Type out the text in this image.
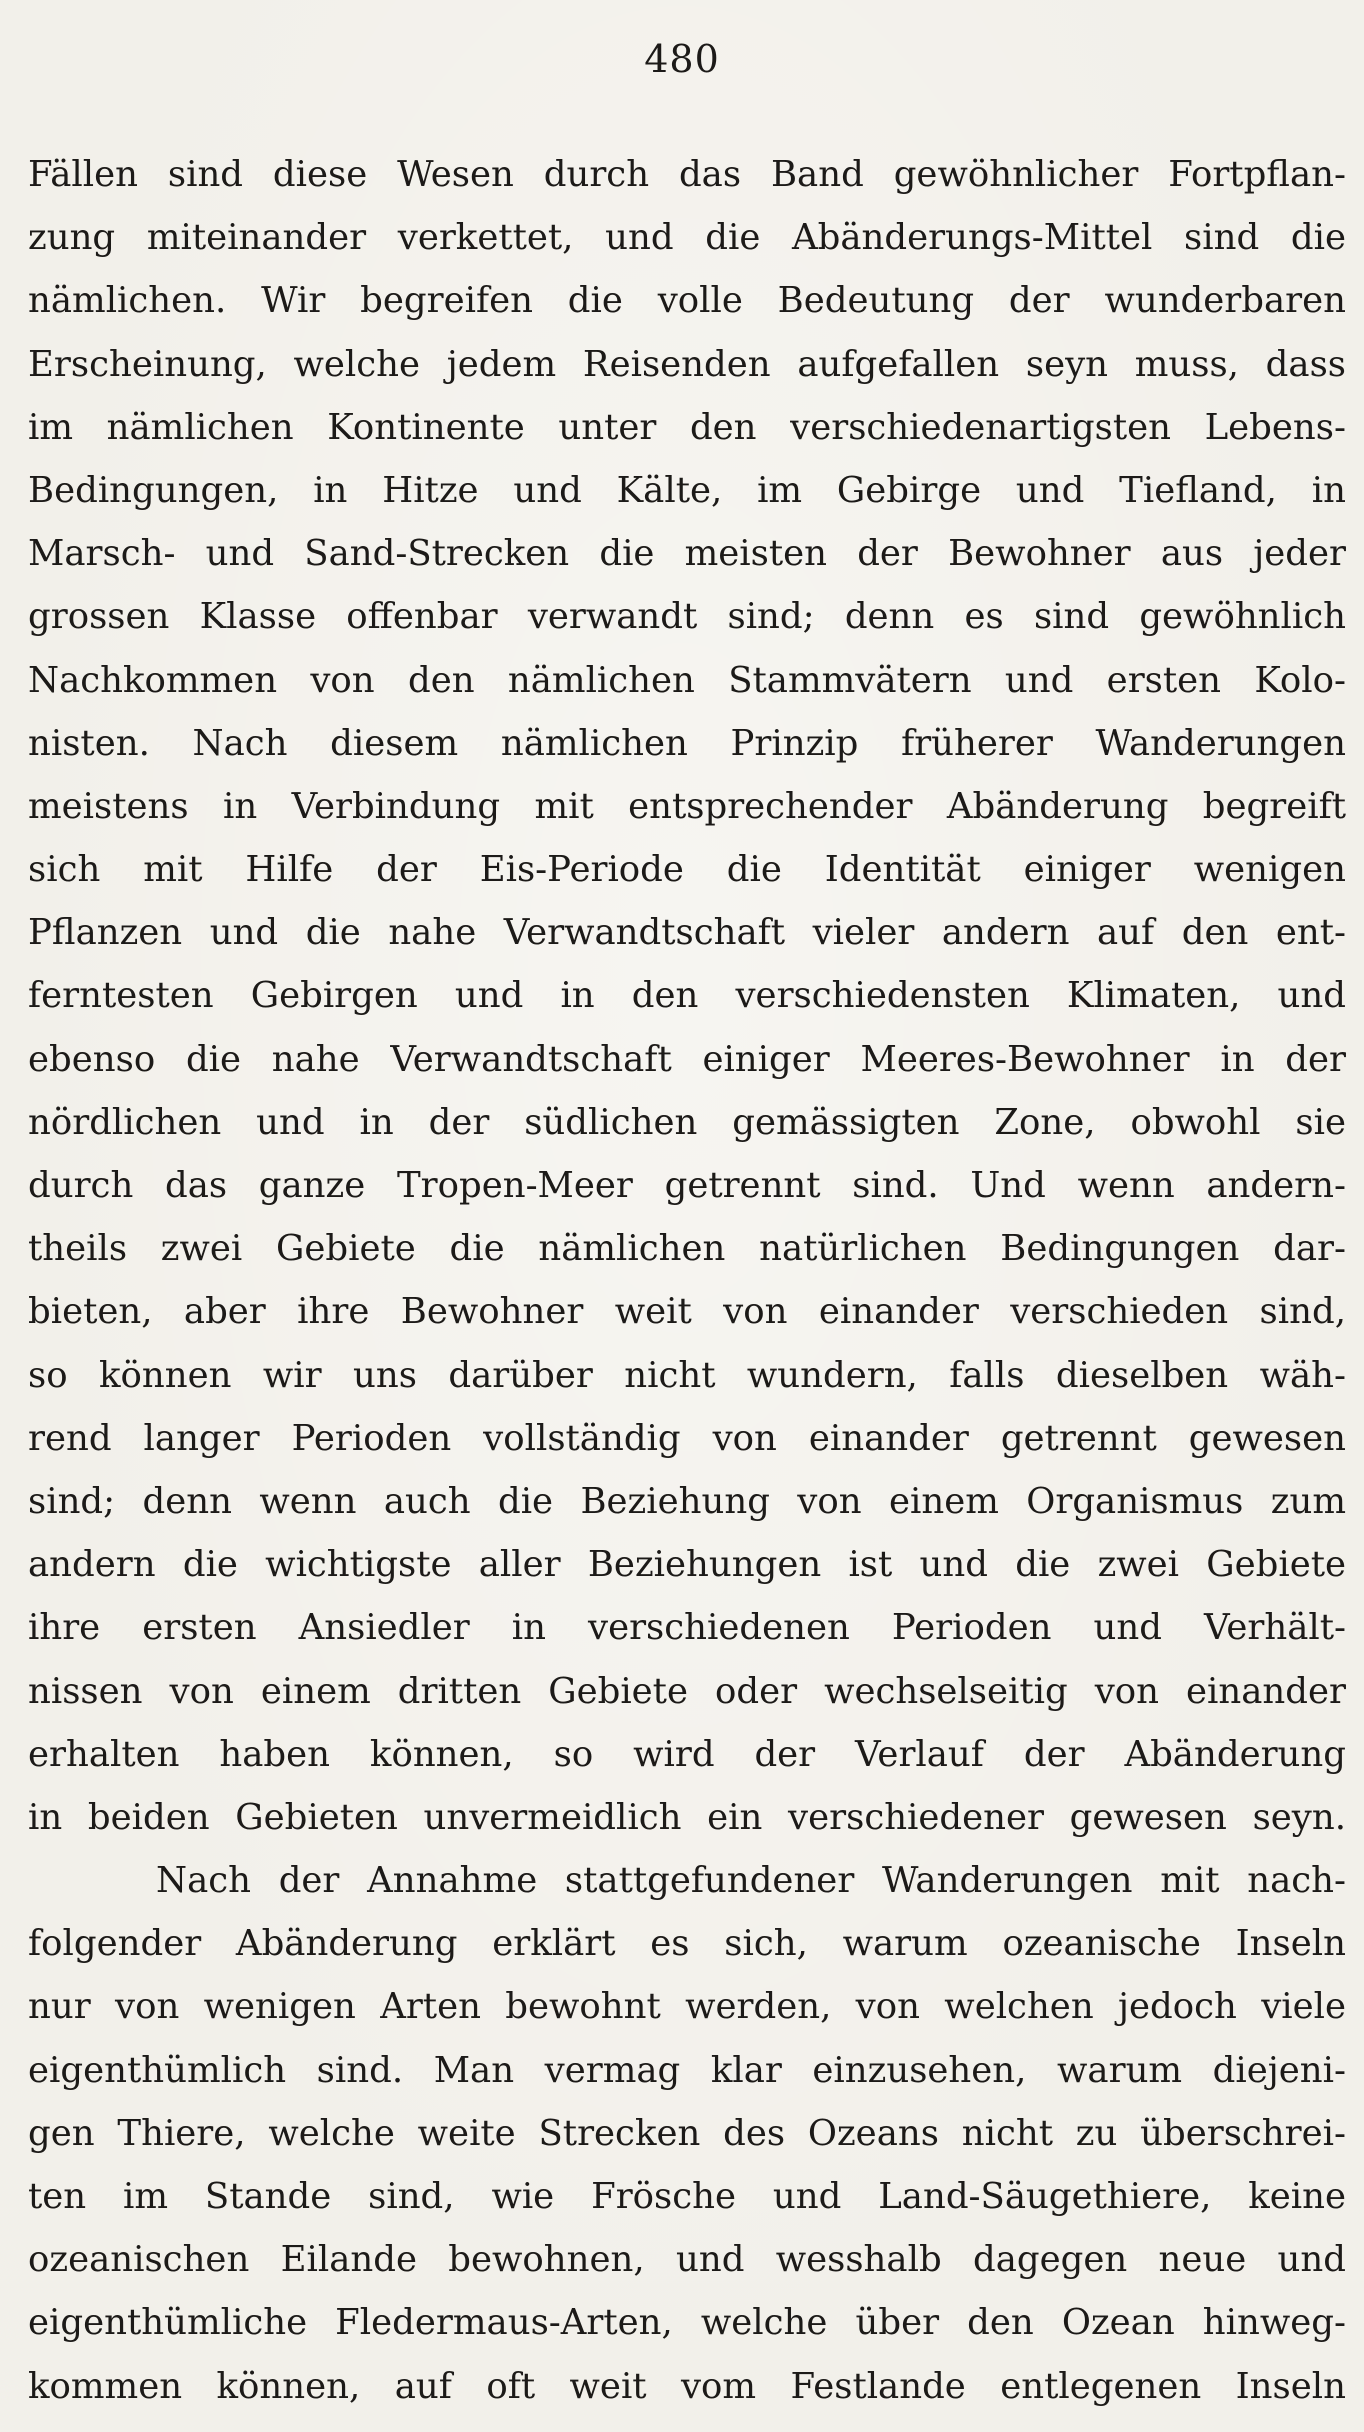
480
Fällen sind diese Wesen durch das Band gewöhnlicher Fortpflan-
zung miteinander verkettet, und die Abänderungs-Mittel sind die
nämlichen. Wir begreifen die volle Bedeutung der wunderbaren
Erscheinung, welche jedem Reisenden aufgefallen seyn muss, dass
im nämlichen Kontinente unter den verschiedenartigsten Lebens-
Bedingungen, in Hitze und Kälte, im Gebirge und Tiefland, in
Marsch- und Sand-Strecken die meisten der Bewohner aus jeder
grossen Klasse offenbar verwandt sind; denn es sind gewöhnlich
Nachkommen von den nämlichen Stammvätern und ersten Kolo-
nisten. Nach diesem nämlichen Prinzip früherer Wanderungen
meistens in Verbindung mit entsprechender Abänderung begreift
sich mit Hilfe der Eis-Periode die Identität einiger wenigen
Pflanzen und die nahe Verwandtschaft vieler andern auf den ent-
ferntesten Gebirgen und in den verschiedensten Klimaten, und
ebenso die nahe Verwandtschaft einiger Meeres-Bewohner in der
nördlichen und in der südlichen gemässigten Zone, obwohl sie
durch das ganze Tropen-Meer getrennt sind. Und wenn andern-
theils zwei Gebiete die nämlichen natürlichen Bedingungen dar-
bieten, aber ihre Bewohner weit von einander verschieden sind,
so können wir uns darüber nicht wundern, falls dieselben wäh-
rend langer Perioden vollständig von einander getrennt gewesen
sind; denn wenn auch die Beziehung von einem Organismus zum
andern die wichtigste aller Beziehungen ist und die zwei Gebiete
ihre ersten Ansiedler in verschiedenen Perioden und Verhält-
nissen von einem dritten Gebiete oder wechselseitig von einander
erhalten haben können, so wird der Verlauf der Abänderung
in beiden Gebieten unvermeidlich ein verschiedener gewesen seyn.
Nach der Annahme stattgefundener Wanderungen mit nach-
folgender Abänderung erklärt es sich, warum ozeanische Inseln
nur von wenigen Arten bewohnt werden, von welchen jedoch viele
eigenthümlich sind. Man vermag klar einzusehen, warum diejeni-
gen Thiere, welche weite Strecken des Ozeans nicht zu überschrei-
ten im Stande sind, wie Frösche und Land-Säugethiere, keine
ozeanischen Eilande bewohnen, und wesshalb dagegen neue und
eigenthümliche Fledermaus-Arten, welche über den Ozean hinweg-
kommen können, auf oft weit vom Festlande entlegenen Inseln
